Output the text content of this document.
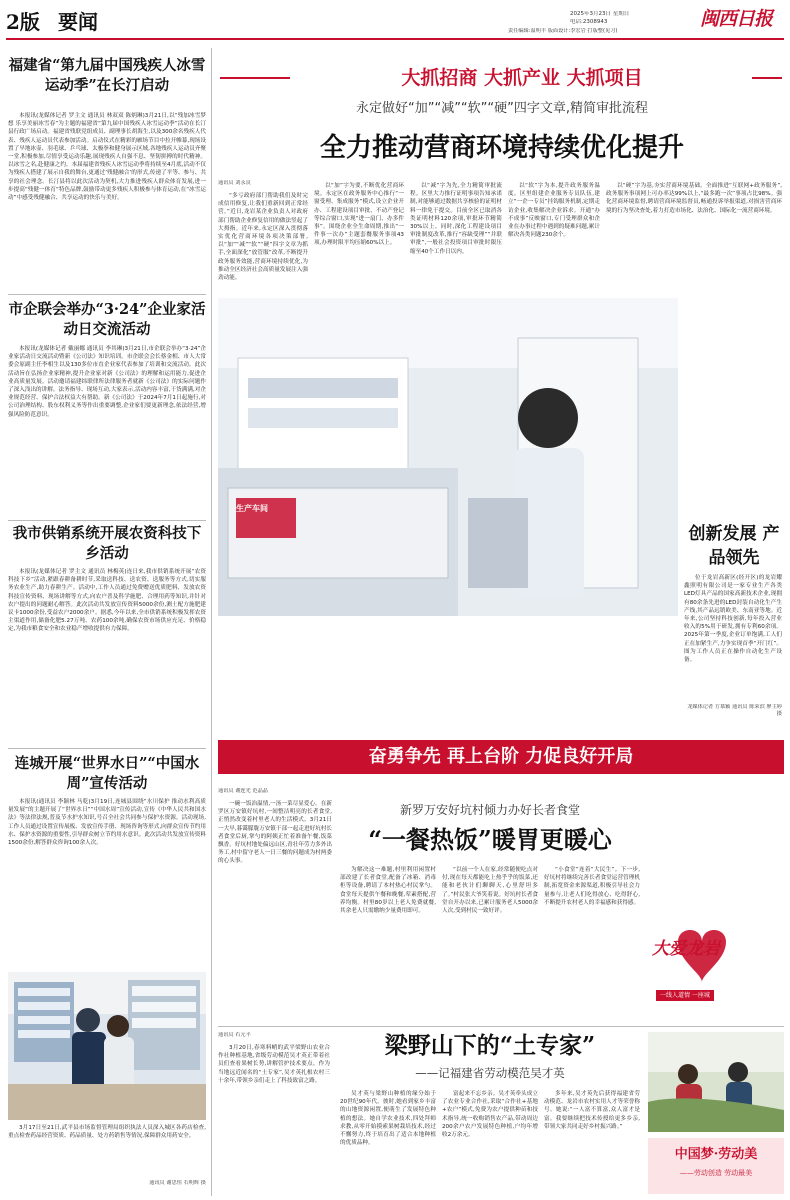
2版 要闻	2025年3月23日 星期日
电话:2308943
责任编辑:温明丰 版面设计:李宏岩 打版整(见习)
闽西日报
福建省“第九届中国残疾人冰雪运动季”在长汀启动
本报讯(龙媒体记者 罗主文 通讯员 林双双 陈炳琳)3月21日,以“残加冰雪梦想 乐享美丽冰雪春”为主题的福建省“第九届中国残疾人冰雪运动季”活动在长汀县行政广场启动。福建省残联党组成员、副理事长胡海生,以及300余名残疾人代表、残疾人运动员代表参加活动。启动仪式在精彩的雁场节目中拉开帷幕,现场设置了旱地冰壶、羽毛球、乒乓球、太极拳和健身展示区域,各地残疾人运动员齐聚一堂,积极参加,尽情享受运动乐趣,展现残疾人自强不息、坚韧拼搏的时代精神。以冰雪之名,赴健康之约。本届福建省残疾人冰雪运动季将持续至4月底,活动不仅为残疾人搭建了展示自我的舞台,更通过‘残健融合’的形式,传递了平等、参与、共享的社会理念。长汀县将以此次活动为契机,大力推进残疾人群众体育发展,进一步提高“残健一体育”特色品牌,鼓励带动更多残疾人积极参与体育运动,在“冰雪运动”中感受残健融合、共享运动的快乐与美好。
市企联会举办“3·24”企业家活动日交流活动
本报讯(龙媒体记者 戴丽娜 通讯员 李其琳)3月21日,市企联会举办“3·24”企业家活动日交流活动暨新《公司法》知识培训。市企联会会长蔡金相、市人大常委会原副主任李相生以及130多位市直企业家代表参加了培训和交流活动。此次活动旨在弘扬企业家精神,提升企业家对新《公司法》的理解和运用能力,促进企业高质量发展。活动邀请福建纬联律所法律服务者就新《公司法》的实际问题作了深入浅出的讲解。法务指导、现场互动,大家表示,活动内容丰富,干货满满,对企业规范经营、保护合法权益大有帮助。新《公司法》于2024年7月1日起施行,对公司治理结构、股东权利义务等作出重要调整,企业家们要更新理念,依法经营,增强风险防范意识。
我市供销系统开展农资科技下乡活动
本报讯(龙媒体记者 罗主文 通讯员 林梅英)连日来,我市供销系统开展“农资科技下乡”活动,紧跟春耕备耕时节,采取送科技、送农资、送服务等方式,切实服务农业生产,助力春耕生产。活动中,工作人员通过免费赠送优质肥料、发放农资科技宣传资料、现场讲解等方式,向农户普及科学施肥、合理用药等知识,并针对农户提出的问题耐心解答。此次活动共发放宣传资料5000余份,测土配方施肥建议卡1000余份,受益农户2000余户。据悉,今年以来,全市供销系统积极发挥农资主渠道作用,储备化肥5.27万吨、农药100余吨,确保农资市场供应充足、价格稳定,为我市粮食安全和农业稳产增收提供有力保障。
连城开展“世界水日”“中国水周”宣传活动
本报讯(通讯员 李颖林 马乾)3月19日,连城县围绕“水川保护 推动水利高质量发展”的主题开展了“世界水日”“中国水周”宣传活动,宣传《中华人民共和国水法》等法律法规,普及节水护水知识,号召全社会共同参与保护水资源。活动现场,工作人员通过设置宣传展板、发放宣传手册、现场咨询等形式,向群众宣传节约用水、保护水资源的重要性,引导群众树立节约用水意识。此次活动共发放宣传资料1500余份,解答群众咨询100余人次。
3月17日至21日,武平县市场监督管理局组织执法人员深入城区各药店检查,重点检查药品经营资质、药品质量、处方药销售等情况,保障群众用药安全。
通讯员 谢思恒 石明辉 摄
大抓招商 大抓产业 大抓项目
永定做好“加”“减”“软”“硬”四字文章,精简审批流程
全力推动营商环境持续优化提升
通讯员 刘永良
“多亏政府部门帮助我们及时完成信用修复,让我们重新回到正常经营。”近日,龙岩某企业负责人对政府部门帮助企业修复信用的做法竖起了大拇指。近年来,永定区深入贯彻落实优化营商环境各项决策部署,以“加”“减”“软”“硬”四字文章为抓手,全面深化“放管服”改革,不断提升政务服务效能,营商环境持续优化,为推动全区经济社会高质量发展注入强劲动能。
以“加”字为要,不断优化营商环境。永定区在政务服务中心推行“一窗受理、集成服务”模式,设立企业开办、工程建设项目审批、不动产登记等综合窗口,实现“进一扇门、办多件事”。围绕企业全生命周期,推出“一件事一次办”主题套餐服务事项43项,办理时限平均压缩60%以上。
以“减”字为先,全力精简审批流程。区里大力推行证明事项告知承诺制,对能够通过数据共享核验的证明材料一律免于提交。目前全区已取消各类证明材料120余项,审批环节精简30%以上。同时,深化工程建设项目审批制度改革,推行“容缺受理”“并联审批”,一般社会投资项目审批时限压缩至40个工作日以内。
以“软”字为本,提升政务服务温度。区里组建企业服务专员队伍,建立“一企一专员”挂钩服务机制,定期走访企业,收集解决企业诉求。开通“办不成事”反映窗口,专门受理群众和企业在办事过程中遇到的疑难问题,累计解决各类问题230余个。
以“硬”字为基,夯实营商环境基础。全面推进“互联网+政务服务”,政务服务事项网上可办率达99%以上,“最多跑一次”事项占比98%。强化营商环境监督,聘请营商环境监督员,畅通投诉举报渠道,对损害营商环境的行为坚决查处,着力打造市场化、法治化、国际化一流营商环境。
生产车间
创新发展 产品领先
位于龙岩高新区(经开区)的龙岩耀鑫照明有限公司是一家专业生产各类LED灯具产品的国家高新技术企业,现拥有80余条先进的LED封装自动化生产生产线,其产品远销欧美、东南亚等地。近年来,公司坚持科技创新,每年投入营业收入的5%用于研发,拥有专利60余项。2025年第一季度,企业订单饱满,工人们正在加紧生产,力争实现首季“开门红”。图为工作人员正在操作自动化生产设备。
龙媒体记者 方慕颖 通讯员 陈荣滨 廖主婷 摄
奋勇争先 再上台阶 力促良好开局
通讯员 谢连光 范晶晶
新罗万安好坑村倾力办好长者食堂
“一餐热饭”暖胃更暖心
一碗一饭治温情,一汤一菜尽显爱心。在新罗区万安镇好坑村,一间整洁明亮的长者食堂,正悄然改变着村里老人的生活模式。3月21日一大早,暮霭朦胧万安镇干部一起走进好坑村长者食堂后厨,掌勺的阿姨正忙着准备午餐,饭菜飘香。好坑村地处偏远山区,青壮年劳力多外出务工,村中留守老人一日三餐的问题成为村两委的心头事。
为解决这一难题,村里利用闲置村部改建了长者食堂,配备了冰箱、消毒柜等设备,聘请了本村热心村民掌勺。食堂每天提供午餐和晚餐,荤素搭配,营养均衡。村里80岁以上老人免费就餐,其余老人只需缴纳少量费用即可。
“以前一个人在家,经常随便吃点对付,现在每天都能吃上热乎乎的饭菜,还能和老伙计们聊聊天,心里舒坦多了。”村民张大爷笑着说。好坑村长者食堂自开办以来,已累计服务老人5000余人次,受到村民一致好评。
“小食堂”连着“大民生”。下一步,好坑村将继续完善长者食堂运营管理机制,拓宽资金来源渠道,积极引导社会力量参与,让老人们吃得放心、吃得舒心,不断提升农村老人的幸福感和获得感。
大爱龙岩
一线人道情 一座城
通讯员 石元平
3月20日,春寒料峭的武平梁野山农业合作社种植基地,省级劳动模范吴才英正带着社员们查看果树长势,讲解管护技术要点。作为当地远近闻名的“土专家”,吴才英扎根农村三十余年,带领乡亲们走上了科技致富之路。
梁野山下的“土专家”
——记福建省劳动模范吴才英
吴才英与梁野山种植的缘分始于20世纪90年代。彼时,她看到家乡丰富的山地资源闲置,便萌生了发展特色种植的想法。她自学农业技术,四处拜师求教,从零开始摸索果树栽培技术,经过不懈努力,终于培育出了适合本地种植的优质品种。
富起来不忘乡亲。吴才英牵头成立了农业专业合作社,采取“合作社+基地+农户”模式,免费为农户提供种苗和技术指导,统一收购销售农产品,带动周边200余户农户发展特色种植,户均年增收2万余元。
多年来,吴才英先后获得福建省劳动模范、龙岩市农村实用人才等荣誉称号。她说:“一人富不算富,众人富才是富。我要继续把技术传授给更多乡亲,带领大家共同走好乡村振兴路。”
中国梦·劳动美
——劳动创造 劳动最美
